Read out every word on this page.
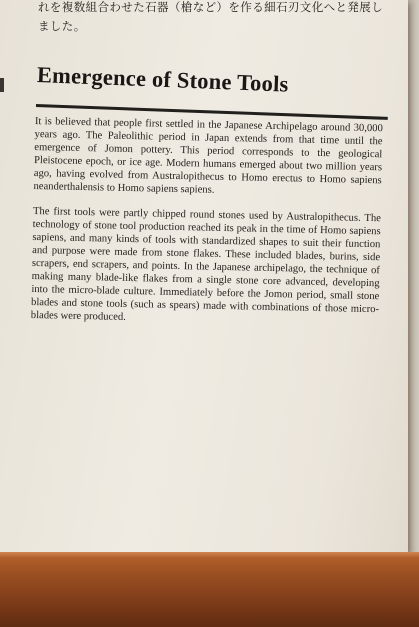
れを複数組合わせた石器（槍など）を作る細石刃文化へと発展し
ました。

Emergence of Stone Tools

It is believed that people first settled in the Japanese Archipelago around 30,000 years ago. The Paleolithic period in Japan extends from that time until the emergence of Jomon pottery. This period corresponds to the geological Pleistocene epoch, or ice age. Modern humans emerged about two million years ago, having evolved from Australopithecus to Homo erectus to Homo sapiens neanderthalensis to Homo sapiens sapiens.

The first tools were partly chipped round stones used by Australopithecus. The technology of stone tool production reached its peak in the time of Homo sapiens sapiens, and many kinds of tools with standardized shapes to suit their function and purpose were made from stone flakes. These included blades, burins, side scrapers, end scrapers, and points. In the Japanese archipelago, the technique of making many blade-like flakes from a single stone core advanced, developing into the micro-blade culture. Immediately before the Jomon period, small stone blades and stone tools (such as spears) made with combinations of those micro-blades were produced.
